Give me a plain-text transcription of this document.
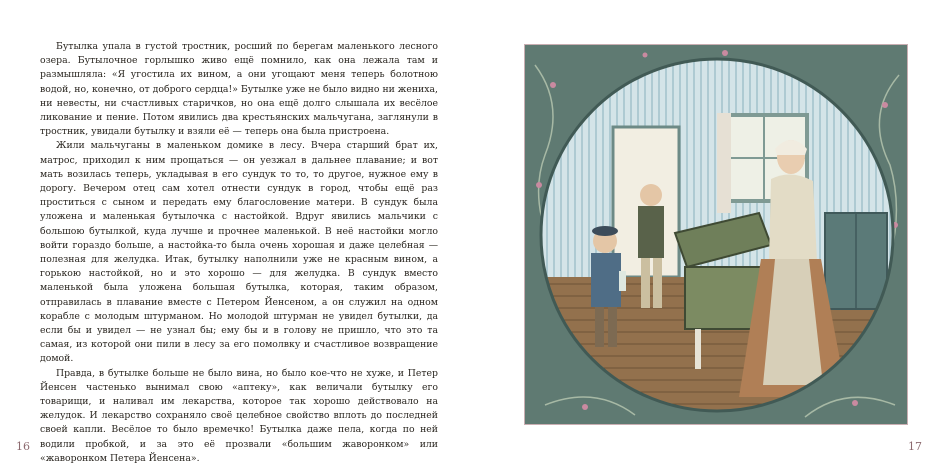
Бутылка упала в густой тростник, росший по берегам маленького лесного озера. Бутылочное горлышко живо ещё помнило, как она лежала там и размышляла: «Я угостила их вином, а они угощают меня теперь болотною водой, но, конечно, от доброго сердца!» Бутылке уже не было видно ни жениха, ни невесты, ни счастливых старичков, но она ещё долго слышала их весёлое ликование и пение. Потом явились два крестьянских мальчугана, заглянули в тростник, увидали бутылку и взяли её — теперь она была пристроена.

Жили мальчуганы в маленьком домике в лесу. Вчера старший брат их, матрос, приходил к ним прощаться — он уезжал в дальнее плавание; и вот мать возилась теперь, укладывая в его сундук то то, то другое, нужное ему в дорогу. Вечером отец сам хотел отнести сундук в город, чтобы ещё раз проститься с сыном и передать ему благословение матери. В сундук была уложена и маленькая бутылочка с настойкой. Вдруг явились мальчики с большою бутылкой, куда лучше и прочнее маленькой. В неё настойки могло войти гораздо больше, а настойка-то была очень хорошая и даже целебная — полезная для желудка. Итак, бутылку наполнили уже не красным вином, а горькою настойкой, но и это хорошо — для желудка. В сундук вместо маленькой была уложена большая бутылка, которая, таким образом, отправилась в плавание вместе с Петером Йенсеном, а он служил на одном корабле с молодым штурманом. Но молодой штурман не увидел бутылки, да если бы и увидел — не узнал бы; ему бы и в голову не пришло, что это та самая, из которой они пили в лесу за его помолвку и счастливое возвращение домой.

Правда, в бутылке больше не было вина, но было кое-что не хуже, и Петер Йенсен частенько вынимал свою «аптеку», как величали бутылку его товарищи, и наливал им лекарства, которое так хорошо действовало на желудок. И лекарство сохраняло своё целебное свойство вплоть до последней своей капли. Весёлое то было времечко! Бутылка даже пела, когда по ней водили пробкой, и за это её прозвали «большим жаворонком» или «жаворонком Петера Йенсена».

16	17
